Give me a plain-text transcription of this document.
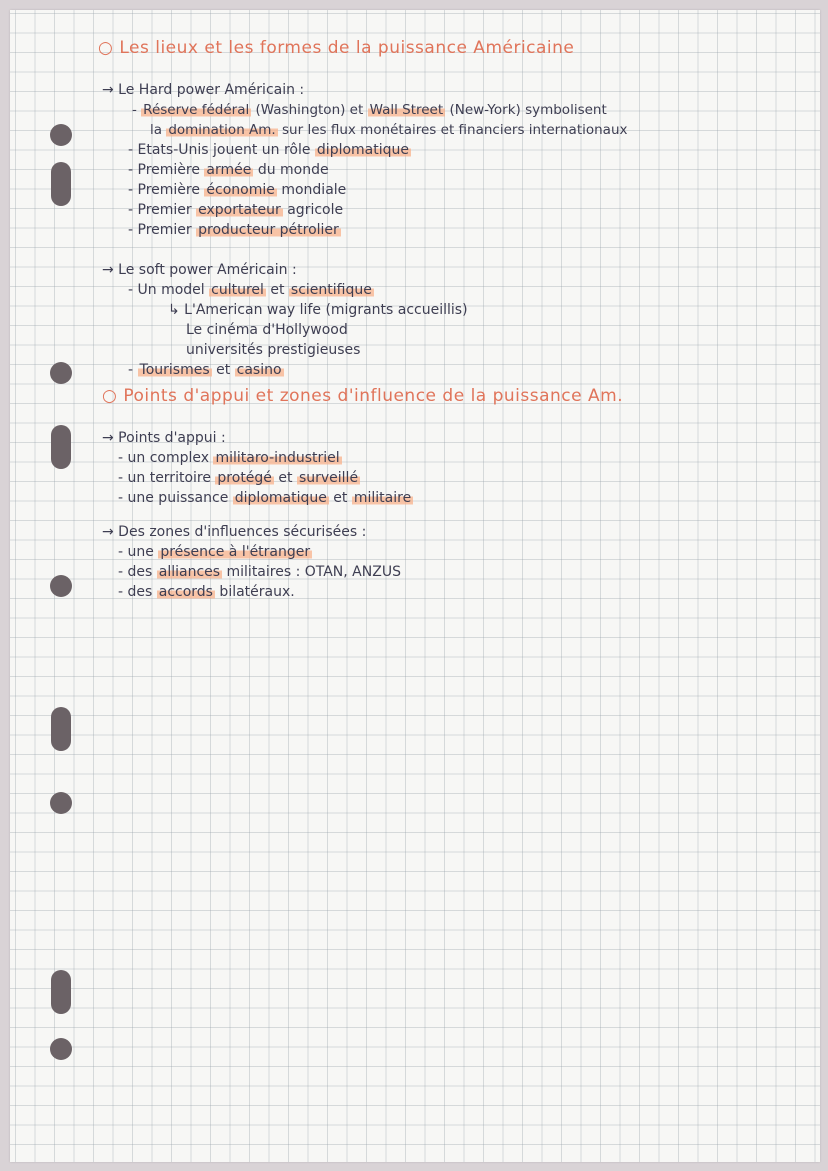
○ Les lieux et les formes de la puissance Américaine
→ Le Hard power Américain :
- Réserve fédéral (Washington) et Wall Street (New-York) symbolisent
la domination Am. sur les flux monétaires et financiers internationaux
- Etats-Unis jouent un rôle diplomatique
- Première armée du monde
- Première économie mondiale
- Premier exportateur agricole
- Premier producteur pétrolier
→ Le soft power Américain :
- Un model culturel et scientifique
↳ L'American way life (migrants accueillis)
Le cinéma d'Hollywood
universités prestigieuses
- Tourismes et casino
○ Points d'appui et zones d'influence de la puissance Am.
→ Points d'appui :
- un complex militaro-industriel
- un territoire protégé et surveillé
- une puissance diplomatique et militaire
→ Des zones d'influences sécurisées :
- une présence à l'étranger
- des alliances militaires : OTAN, ANZUS
- des accords bilatéraux.
